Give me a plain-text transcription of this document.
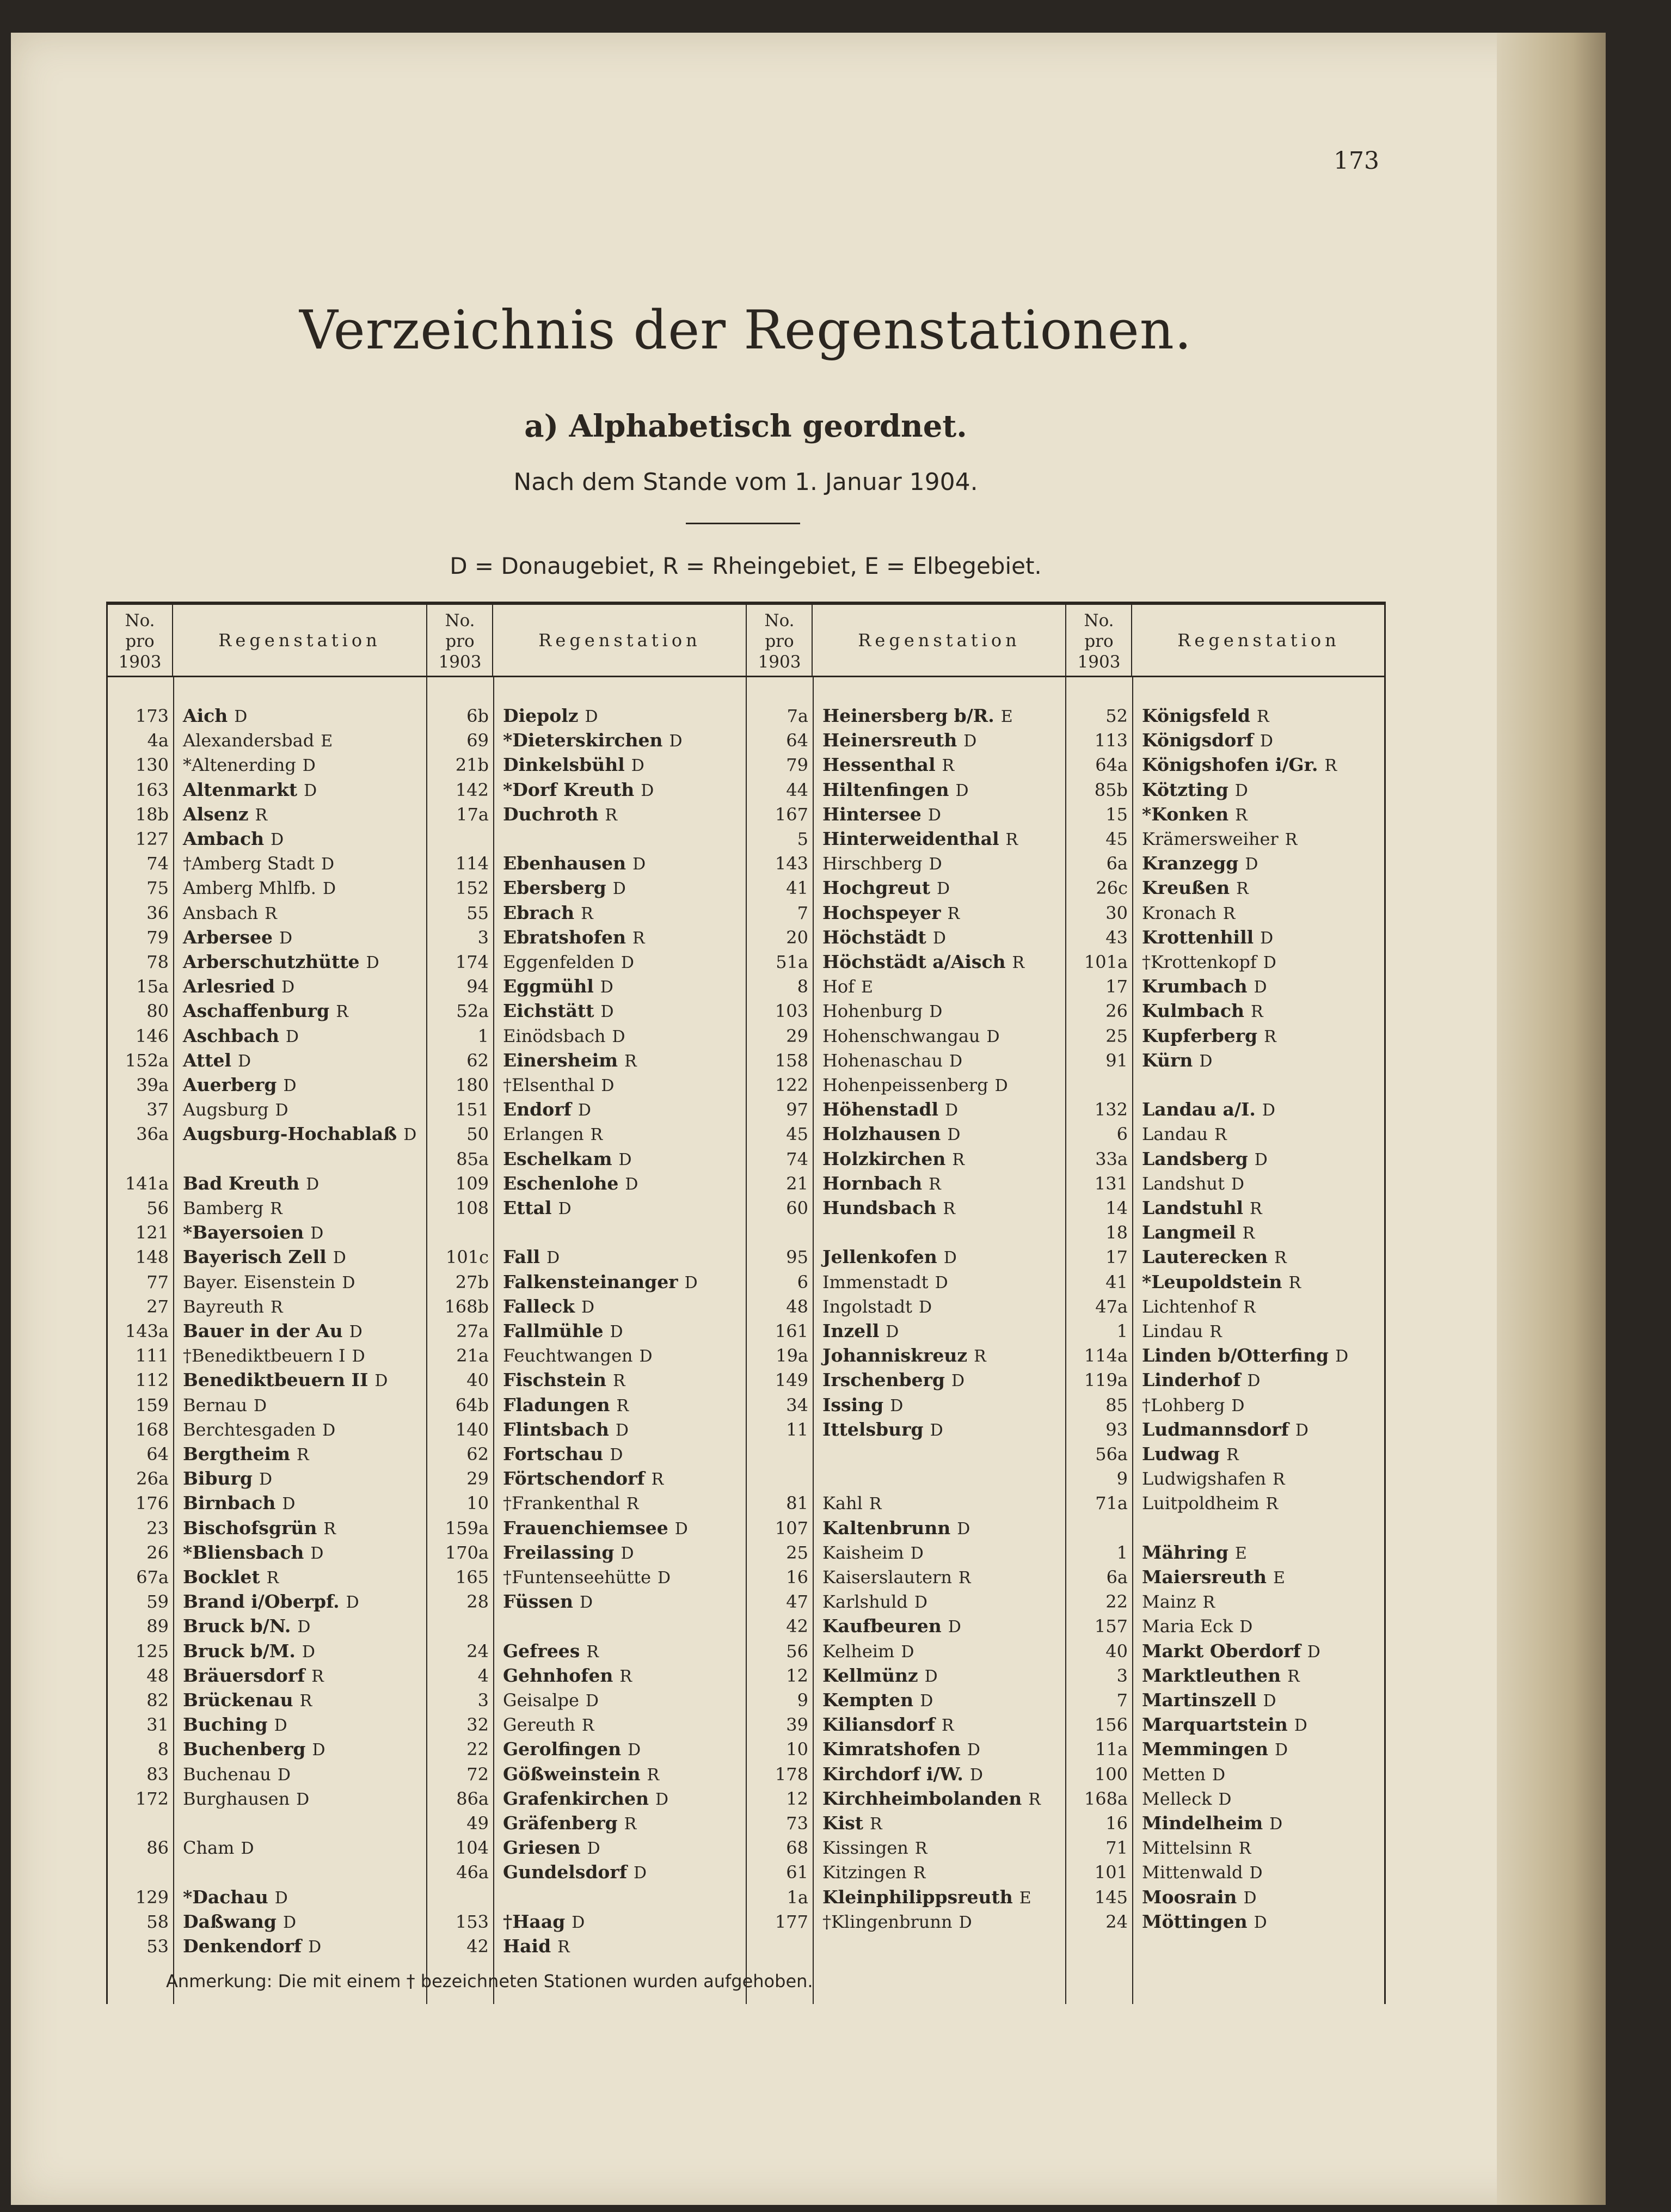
173
Verzeichnis der Regenstationen.
a) Alphabetisch geordnet.
Nach dem Stande vom 1. Januar 1904.
D = Donaugebiet, R = Rheingebiet, E = Elbegebiet.
No.
pro
1903
Regenstation
173 Aich D
4a Alexandersbad E
130 *Altenerding D
163 Altenmarkt D
18b Alsenz R
127 Ambach D
74 †Amberg Stadt D
75 Amberg Mhlfb. D
36 Ansbach R
79 Arbersee D
78 Arberschutzhütte D
15a Arlesried D
80 Aschaffenburg R
146 Aschbach D
152a Attel D
39a Auerberg D
37 Augsburg D
36a Augsburg-Hochablaß D
141a Bad Kreuth D
56 Bamberg R
121 *Bayersoien D
148 Bayerisch Zell D
77 Bayer. Eisenstein D
27 Bayreuth R
143a Bauer in der Au D
111 †Benediktbeuern I D
112 Benediktbeuern II D
159 Bernau D
168 Berchtesgaden D
64 Bergtheim R
26a Biburg D
176 Birnbach D
23 Bischofsgrün R
26 *Bliensbach D
67a Bocklet R
59 Brand i/Oberpf. D
89 Bruck b/N. D
125 Bruck b/M. D
48 Bräuersdorf R
82 Brückenau R
31 Buching D
8 Buchenberg D
83 Buchenau D
172 Burghausen D
86 Cham D
129 *Dachau D
58 Daßwang D
53 Denkendorf D
No.
pro
1903
Regenstation
6b Diepolz D
69 *Dieterskirchen D
21b Dinkelsbühl D
142 *Dorf Kreuth D
17a Duchroth R
114 Ebenhausen D
152 Ebersberg D
55 Ebrach R
3 Ebratshofen R
174 Eggenfelden D
94 Eggmühl D
52a Eichstätt D
1 Einödsbach D
62 Einersheim R
180 †Elsenthal D
151 Endorf D
50 Erlangen R
85a Eschelkam D
109 Eschenlohe D
108 Ettal D
101c Fall D
27b Falkensteinanger D
168b Falleck D
27a Fallmühle D
21a Feuchtwangen D
40 Fischstein R
64b Fladungen R
140 Flintsbach D
62 Fortschau D
29 Förtschendorf R
10 †Frankenthal R
159a Frauenchiemsee D
170a Freilassing D
165 †Funtenseehütte D
28 Füssen D
24 Gefrees R
4 Gehnhofen R
3 Geisalpe D
32 Gereuth R
22 Gerolfingen D
72 Gößweinstein R
86a Grafenkirchen D
49 Gräfenberg R
104 Griesen D
46a Gundelsdorf D
153 †Haag D
42 Haid R
No.
pro
1903
Regenstation
7a Heinersberg b/R. E
64 Heinersreuth D
79 Hessenthal R
44 Hiltenfingen D
167 Hintersee D
5 Hinterweidenthal R
143 Hirschberg D
41 Hochgreut D
7 Hochspeyer R
20 Höchstädt D
51a Höchstädt a/Aisch R
8 Hof E
103 Hohenburg D
29 Hohenschwangau D
158 Hohenaschau D
122 Hohenpeissenberg D
97 Höhenstadl D
45 Holzhausen D
74 Holzkirchen R
21 Hornbach R
60 Hundsbach R
95 Jellenkofen D
6 Immenstadt D
48 Ingolstadt D
161 Inzell D
19a Johanniskreuz R
149 Irschenberg D
34 Issing D
11 Ittelsburg D
81 Kahl R
107 Kaltenbrunn D
25 Kaisheim D
16 Kaiserslautern R
47 Karlshuld D
42 Kaufbeuren D
56 Kelheim D
12 Kellmünz D
9 Kempten D
39 Kiliansdorf R
10 Kimratshofen D
178 Kirchdorf i/W. D
12 Kirchheimbolanden R
73 Kist R
68 Kissingen R
61 Kitzingen R
1a Kleinphilippsreuth E
177 †Klingenbrunn D
No.
pro
1903
Regenstation
52 Königsfeld R
113 Königsdorf D
64a Königshofen i/Gr. R
85b Kötzting D
15 *Konken R
45 Krämersweiher R
6a Kranzegg D
26c Kreußen R
30 Kronach R
43 Krottenhill D
101a †Krottenkopf D
17 Krumbach D
26 Kulmbach R
25 Kupferberg R
91 Kürn D
132 Landau a/I. D
6 Landau R
33a Landsberg D
131 Landshut D
14 Landstuhl R
18 Langmeil R
17 Lauterecken R
41 *Leupoldstein R
47a Lichtenhof R
1 Lindau R
114a Linden b/Otterfing D
119a Linderhof D
85 †Lohberg D
93 Ludmannsdorf D
56a Ludwag R
9 Ludwigshafen R
71a Luitpoldheim R
1 Mähring E
6a Maiersreuth E
22 Mainz R
157 Maria Eck D
40 Markt Oberdorf D
3 Marktleuthen R
7 Martinszell D
156 Marquartstein D
11a Memmingen D
100 Metten D
168a Melleck D
16 Mindelheim D
71 Mittelsinn R
101 Mittenwald D
145 Moosrain D
24 Möttingen D
Anmerkung: Die mit einem † bezeichneten Stationen wurden aufgehoben.
